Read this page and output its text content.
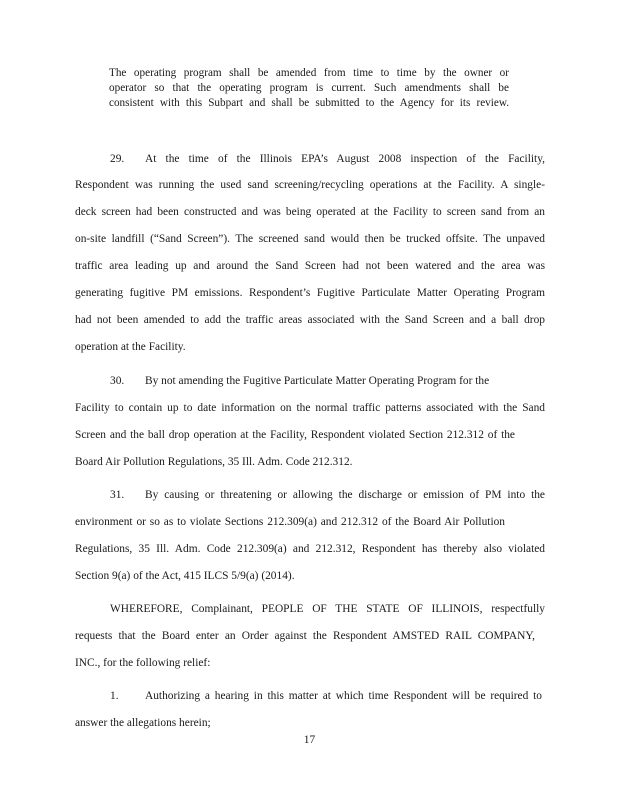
The operating program shall be amended from time to time by the owner or
operator so that the operating program is current. Such amendments shall be
consistent with this Subpart and shall be submitted to the Agency for its review.
29. At the time of the Illinois EPA’s August 2008 inspection of the Facility,
Respondent was running the used sand screening/recycling operations at the Facility. A single-
deck screen had been constructed and was being operated at the Facility to screen sand from an
on-site landfill (“Sand Screen”). The screened sand would then be trucked offsite. The unpaved
traffic area leading up and around the Sand Screen had not been watered and the area was
generating fugitive PM emissions. Respondent’s Fugitive Particulate Matter Operating Program
had not been amended to add the traffic areas associated with the Sand Screen and a ball drop
operation at the Facility.
30. By not amending the Fugitive Particulate Matter Operating Program for the
Facility to contain up to date information on the normal traffic patterns associated with the Sand
Screen and the ball drop operation at the Facility, Respondent violated Section 212.312 of the
Board Air Pollution Regulations, 35 Ill. Adm. Code 212.312.
31. By causing or threatening or allowing the discharge or emission of PM into the
environment or so as to violate Sections 212.309(a) and 212.312 of the Board Air Pollution
Regulations, 35 Ill. Adm. Code 212.309(a) and 212.312, Respondent has thereby also violated
Section 9(a) of the Act, 415 ILCS 5/9(a) (2014).
WHEREFORE, Complainant, PEOPLE OF THE STATE OF ILLINOIS, respectfully
requests that the Board enter an Order against the Respondent AMSTED RAIL COMPANY,
INC., for the following relief:
1. Authorizing a hearing in this matter at which time Respondent will be required to
answer the allegations herein;
17
